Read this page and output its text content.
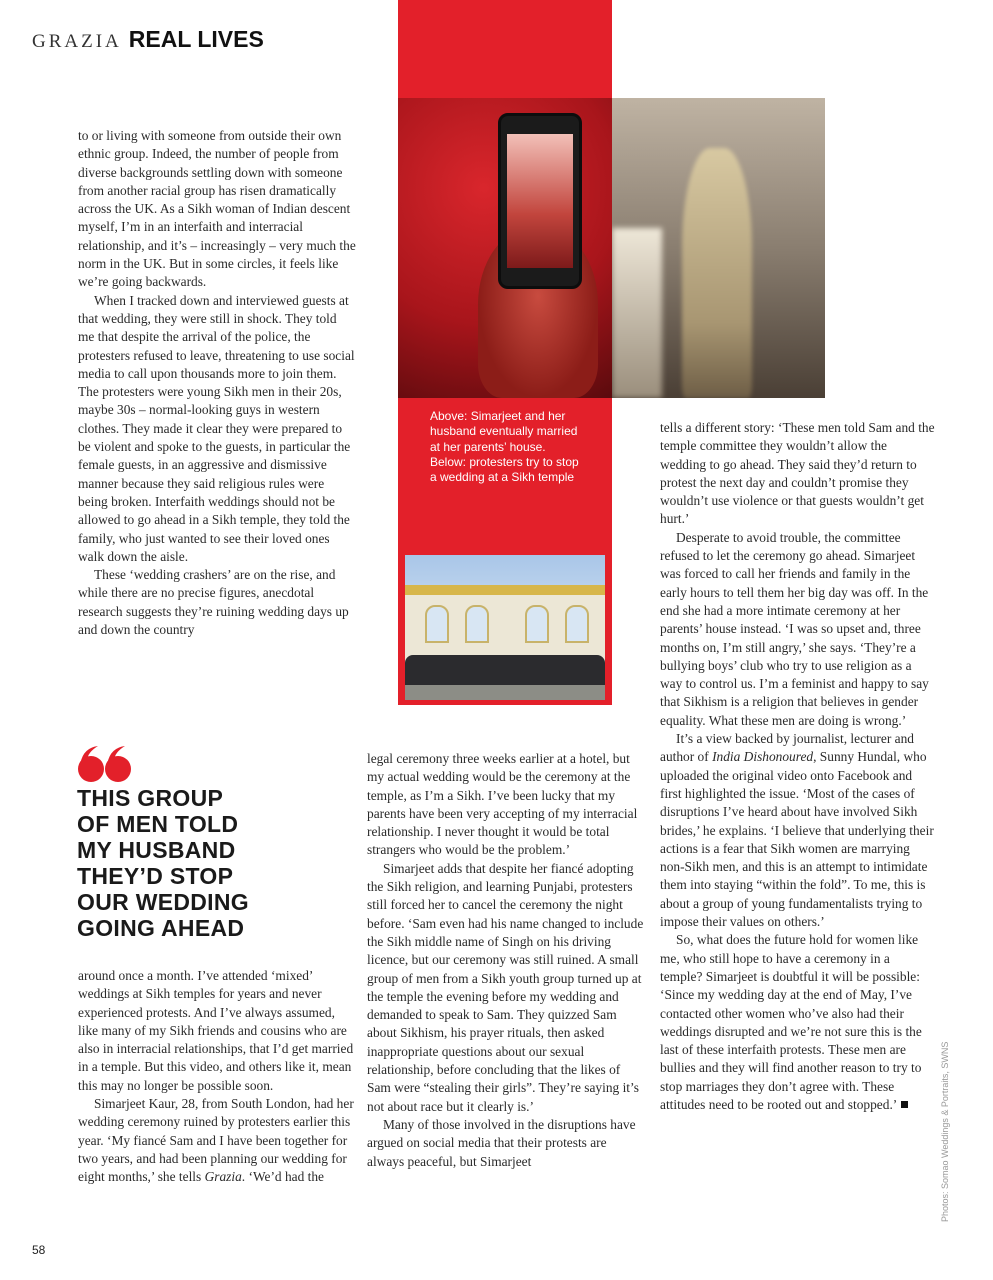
GRAZIA REAL LIVES
Above: Simarjeet and her husband eventually married at her parents’ house. Below: protesters try to stop a wedding at a Sikh temple

to or living with someone from outside their own ethnic group. Indeed, the number of people from diverse backgrounds settling down with someone from another racial group has risen dramatically across the UK. As a Sikh woman of Indian descent myself, I’m in an interfaith and interracial relationship, and it’s – increasingly – very much the norm in the UK. But in some circles, it feels like we’re going backwards.

When I tracked down and interviewed guests at that wedding, they were still in shock. They told me that despite the arrival of the police, the protesters refused to leave, threatening to use social media to call upon thousands more to join them. The protesters were young Sikh men in their 20s, maybe 30s – normal-looking guys in western clothes. They made it clear they were prepared to be violent and spoke to the guests, in particular the female guests, in an aggressive and dismissive manner because they said religious rules were being broken. Interfaith weddings should not be allowed to go ahead in a Sikh temple, they told the family, who just wanted to see their loved ones walk down the aisle.

These ‘wedding crashers’ are on the rise, and while there are no precise figures, anecdotal research suggests they’re ruining wedding days up and down the country

THIS GROUP
OF MEN TOLD
MY HUSBAND
THEY’D STOP
OUR WEDDING
GOING AHEAD

around once a month. I’ve attended ‘mixed’ weddings at Sikh temples for years and never experienced protests. And I’ve always assumed, like many of my Sikh friends and cousins who are also in interracial relationships, that I’d get married in a temple. But this video, and others like it, mean this may no longer be possible soon.

Simarjeet Kaur, 28, from South London, had her wedding ceremony ruined by protesters earlier this year. ‘My fiancé Sam and I have been together for two years, and had been planning our wedding for eight months,’ she tells Grazia. ‘We’d had the

legal ceremony three weeks earlier at a hotel, but my actual wedding would be the ceremony at the temple, as I’m a Sikh. I’ve been lucky that my parents have been very accepting of my interracial relationship. I never thought it would be total strangers who would be the problem.’

Simarjeet adds that despite her fiancé adopting the Sikh religion, and learning Punjabi, protesters still forced her to cancel the ceremony the night before. ‘Sam even had his name changed to include the Sikh middle name of Singh on his driving licence, but our ceremony was still ruined. A small group of men from a Sikh youth group turned up at the temple the evening before my wedding and demanded to speak to Sam. They quizzed Sam about Sikhism, his prayer rituals, then asked inappropriate questions about our sexual relationship, before concluding that the likes of Sam were “stealing their girls”. They’re saying it’s not about race but it clearly is.’

Many of those involved in the disruptions have argued on social media that their protests are always peaceful, but Simarjeet

tells a different story: ‘These men told Sam and the temple committee they wouldn’t allow the wedding to go ahead. They said they’d return to protest the next day and couldn’t promise they wouldn’t use violence or that guests wouldn’t get hurt.’

Desperate to avoid trouble, the committee refused to let the ceremony go ahead. Simarjeet was forced to call her friends and family in the early hours to tell them her big day was off. In the end she had a more intimate ceremony at her parents’ house instead. ‘I was so upset and, three months on, I’m still angry,’ she says. ‘They’re a bullying boys’ club who try to use religion as a way to control us. I’m a feminist and happy to say that Sikhism is a religion that believes in gender equality. What these men are doing is wrong.’

It’s a view backed by journalist, lecturer and author of India Dishonoured, Sunny Hundal, who uploaded the original video onto Facebook and first highlighted the issue. ‘Most of the cases of disruptions I’ve heard about have involved Sikh brides,’ he explains. ‘I believe that underlying their actions is a fear that Sikh women are marrying non-Sikh men, and this is an attempt to intimidate them into staying “within the fold”. To me, this is about a group of young fundamentalists trying to impose their values on others.’

So, what does the future hold for women like me, who still hope to have a ceremony in a temple? Simarjeet is doubtful it will be possible: ‘Since my wedding day at the end of May, I’ve contacted other women who’ve also had their weddings disrupted and we’re not sure this is the last of these interfaith protests. These men are bullies and they will find another reason to try to stop marriages they don’t agree with. These attitudes need to be rooted out and stopped.’	Photos: Somao Weddings & Portraits, SWNS
58
